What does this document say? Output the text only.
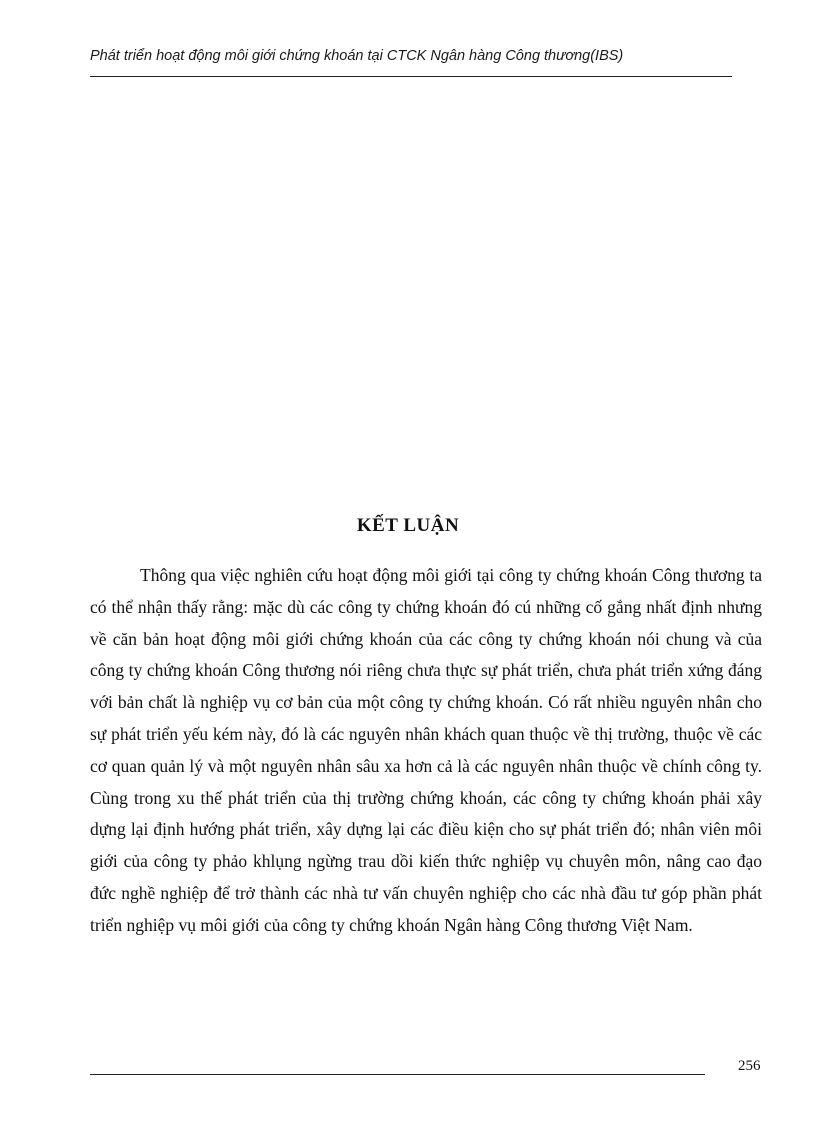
Phát triển hoạt động môi giới chứng khoán tại CTCK Ngân hàng Công thương(IBS)
KẾT LUẬN

Thông qua việc nghiên cứu hoạt động môi giới tại công ty chứng khoán Công thương ta có thể nhận thấy rằng: mặc dù các công ty chứng khoán đó cú những cố gắng nhất định nhưng về căn bản hoạt động môi giới chứng khoán của các công ty chứng khoán nói chung và của công ty chứng khoán Công thương nói riêng chưa thực sự phát triển, chưa phát triển xứng đáng với bản chất là nghiệp vụ cơ bản của một công ty chứng khoán. Có rất nhiều nguyên nhân cho sự phát triển yếu kém này, đó là các nguyên nhân khách quan thuộc về thị trường, thuộc về các cơ quan quản lý và một nguyên nhân sâu xa hơn cả là các nguyên nhân thuộc về chính công ty. Cùng trong xu thế phát triển của thị trường chứng khoán, các công ty chứng khoán phải xây dựng lại định hướng phát triển, xây dựng lại các điều kiện cho sự phát triển đó; nhân viên môi giới của công ty phảo khlụng ngừng trau dồi kiến thức nghiệp vụ chuyên môn, nâng cao đạo đức nghề nghiệp để trở thành các nhà tư vấn chuyên nghiệp cho các nhà đầu tư góp phần phát triển nghiệp vụ môi giới của công ty chứng khoán Ngân hàng Công thương Việt Nam.

256
